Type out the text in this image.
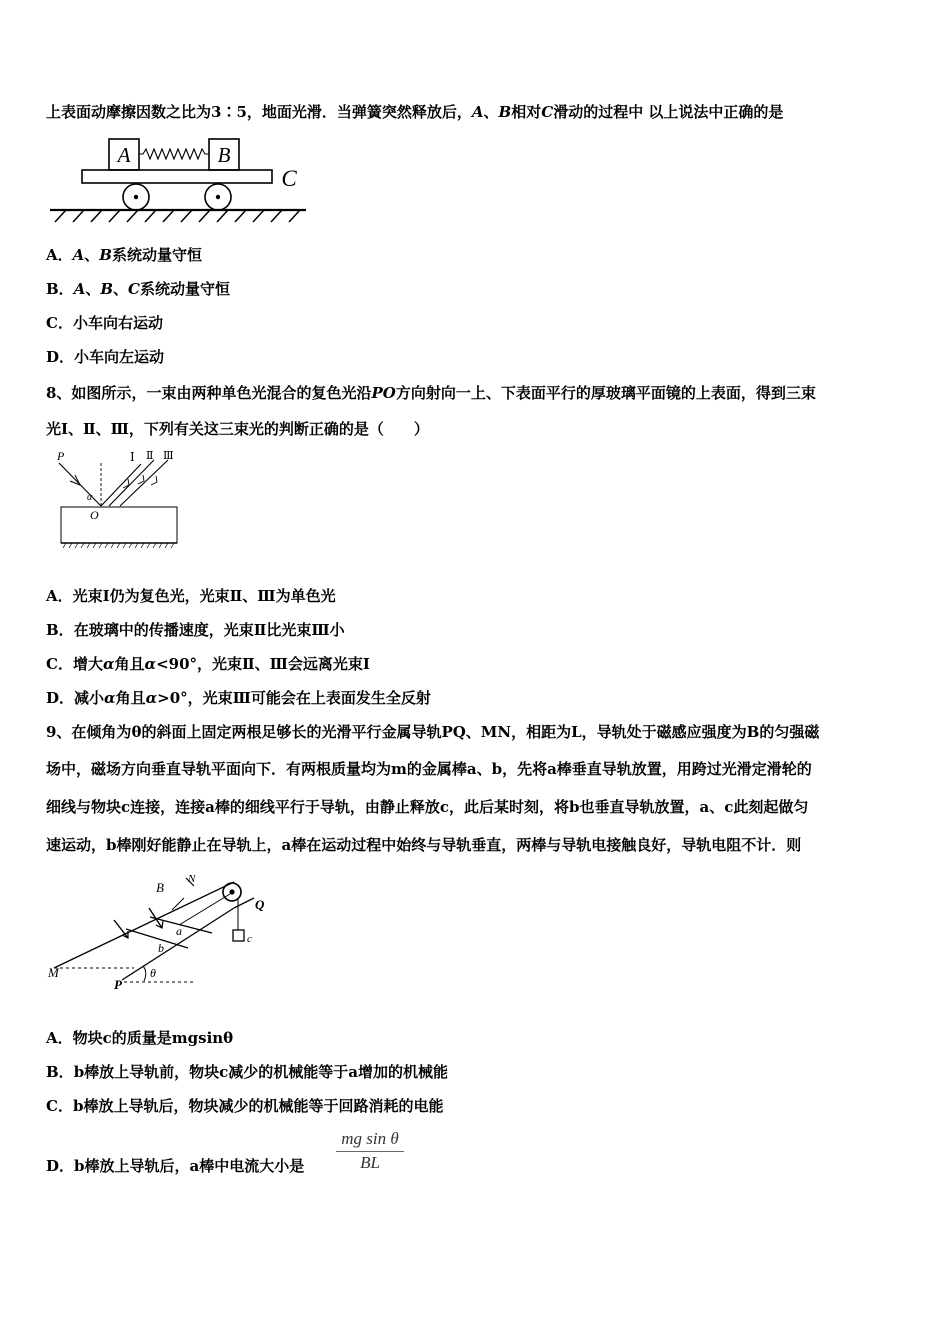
上表面动摩擦因数之比为3∶5，地面光滑．当弹簧突然释放后，A、B相对C滑动的过程中 以上说法中正确的是
A	B
C
A．A、B系统动量守恒
B．A、B、C系统动量守恒
C．小车向右运动
D．小车向左运动
8、如图所示，一束由两种单色光混合的复色光沿PO方向射向一上、下表面平行的厚玻璃平面镜的上表面，得到三束
光Ⅰ、Ⅱ、Ⅲ，下列有关这三束光的判断正确的是（　　）
P
α
Ⅰ Ⅱ Ⅲ
O
A．光束Ⅰ仍为复色光，光束Ⅱ、Ⅲ为单色光
B．在玻璃中的传播速度，光束Ⅱ比光束Ⅲ小
C．增大α角且α<90°，光束Ⅱ、Ⅲ会远离光束Ⅰ
D．减小α角且α>0°，光束Ⅲ可能会在上表面发生全反射
9、在倾角为θ的斜面上固定两根足够长的光滑平行金属导轨PQ、MN，相距为L，导轨处于磁感应强度为B的匀强磁
场中，磁场方向垂直导轨平面向下．有两根质量均为m的金属棒a、b，先将a棒垂直导轨放置，用跨过光滑定滑轮的
细线与物块c连接，连接a棒的细线平行于导轨，由静止释放c，此后某时刻，将b也垂直导轨放置，a、c此刻起做匀
速运动，b棒刚好能静止在导轨上，a棒在运动过程中始终与导轨垂直，两棒与导轨电接触良好，导轨电阻不计．则
B
N
Q
a
b
c
M
P
θ
A．物块c的质量是mgsinθ
B．b棒放上导轨前，物块c减少的机械能等于a增加的机械能
C．b棒放上导轨后，物块减少的机械能等于回路消耗的电能
D．b棒放上导轨后，a棒中电流大小是
mg sin θ
BL
